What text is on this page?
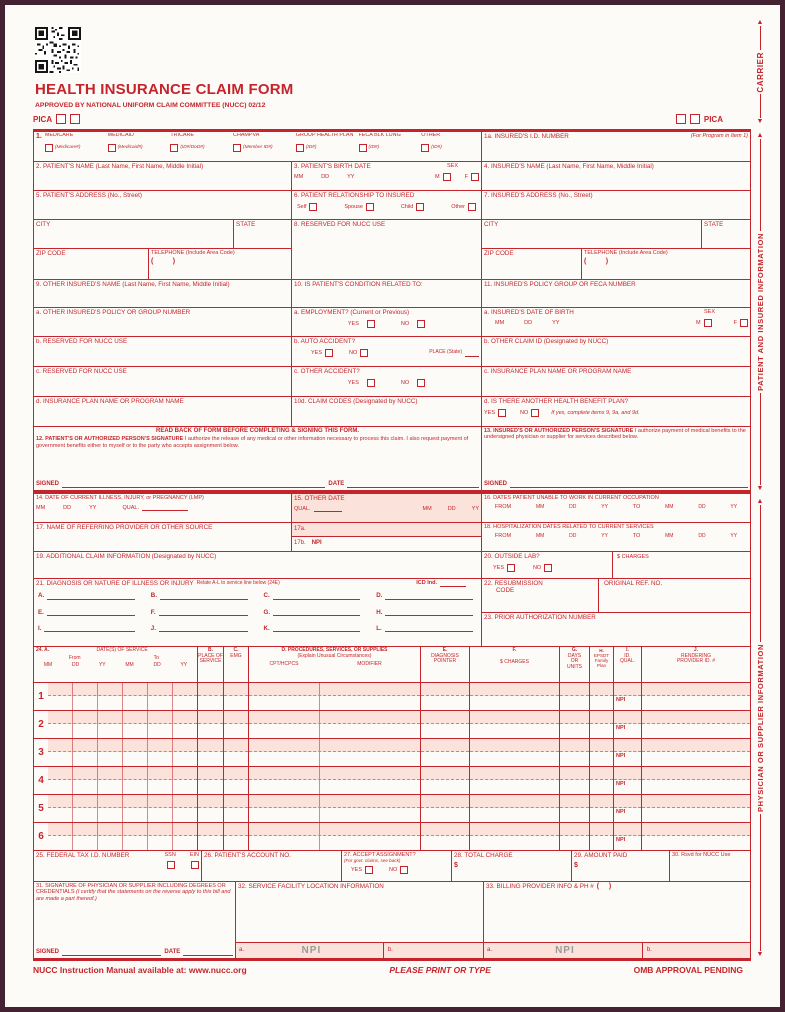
HEALTH INSURANCE CLAIM FORM
APPROVED BY NATIONAL UNIFORM CLAIM COMMITTEE (NUCC) 02/12
PICA	PICA
1. MEDICARE
(Medicare#)
MEDICAID
(Medicaid#)
TRICARE
(ID#/DoD#)
CHAMPVA
(Member ID#)
GROUP HEALTH PLAN
(ID#)
FECA BLK LUNG
(ID#)
OTHER
(ID#)
1a. INSURED'S I.D. NUMBER	(For Program in Item 1)
2. PATIENT'S NAME (Last Name, First Name, Middle Initial)	3. PATIENT'S BIRTH DATE	SEX
MM	DD	YY	M	F
4. INSURED'S NAME (Last Name, First Name, Middle Initial)
5. PATIENT'S ADDRESS (No., Street)	6. PATIENT RELATIONSHIP TO INSURED
Self	Spouse	Child	Other
7. INSURED'S ADDRESS (No., Street)
CITY	STATE	8. RESERVED FOR NUCC USE	CITY	STATE
ZIP CODE	TELEPHONE (Include Area Code)
(          )
ZIP CODE	TELEPHONE (Include Area Code)
(          )
9. OTHER INSURED'S NAME (Last Name, First Name, Middle Initial)	10. IS PATIENT'S CONDITION RELATED TO:	11. INSURED'S POLICY GROUP OR FECA NUMBER
a. OTHER INSURED'S POLICY OR GROUP NUMBER	a. EMPLOYMENT? (Current or Previous)
YES	NO
a. INSURED'S DATE OF BIRTH	SEX
MM	DD	YY	M	F
b. RESERVED FOR NUCC USE	b. AUTO ACCIDENT?
YES	NO	PLACE (State)
b. OTHER CLAIM ID (Designated by NUCC)
c. RESERVED FOR NUCC USE	c. OTHER ACCIDENT?
YES	NO
c. INSURANCE PLAN NAME OR PROGRAM NAME
d. INSURANCE PLAN NAME OR PROGRAM NAME	10d. CLAIM CODES (Designated by NUCC)	d. IS THERE ANOTHER HEALTH BENEFIT PLAN?
YES	NO	If yes, complete items 9, 9a, and 9d.
READ BACK OF FORM BEFORE COMPLETING & SIGNING THIS FORM.
12. PATIENT'S OR AUTHORIZED PERSON'S SIGNATURE I authorize the release of any medical or other information necessary to process this claim. I also request payment of government benefits either to myself or to the party who accepts assignment below.
SIGNED	DATE
13. INSURED'S OR AUTHORIZED PERSON'S SIGNATURE I authorize payment of medical benefits to the undersigned physician or supplier for services described below.
SIGNED
14. DATE OF CURRENT ILLNESS, INJURY, or PREGNANCY (LMP)
MM	DD	YY	QUAL.
15. OTHER DATE
QUAL.	MM	DD	YY
16. DATES PATIENT UNABLE TO WORK IN CURRENT OCCUPATION
FROM	MM	DD	YY	TO	MM	DD	YY
17. NAME OF REFERRING PROVIDER OR OTHER SOURCE	17a.
17b. NPI
18. HOSPITALIZATION DATES RELATED TO CURRENT SERVICES
FROM	MM	DD	YY	TO	MM	DD	YY
19. ADDITIONAL CLAIM INFORMATION (Designated by NUCC)	20. OUTSIDE LAB?
YES	NO
$ CHARGES
21. DIAGNOSIS OR NATURE OF ILLNESS OR INJURY Relate A-L to service line below (24E)	ICD Ind.
A.	B.	C.	D.
E.	F.	G.	H.
I.	J.	K.	L.
22. RESUBMISSION
CODE
ORIGINAL REF. NO.
23. PRIOR AUTHORIZATION NUMBER
24. A.	DATE(S) OF SERVICE
From	To
MM	DD	YY	MM	DD	YY
B.
PLACE OF
SERVICE
C.
EMG
D. PROCEDURES, SERVICES, OR SUPPLIES
(Explain Unusual Circumstances)
CPT/HCPCS	MODIFIER
E.
DIAGNOSIS
POINTER
F.
$ CHARGES
G.
DAYS
OR
UNITS
H.
EPSDT
Family
Plan
I.
ID.
QUAL.
J.
RENDERING
PROVIDER ID. #
1	NPI
2	NPI
3	NPI
4	NPI
5	NPI
6	NPI
25. FEDERAL TAX I.D. NUMBER	SSN	EIN 26. PATIENT'S ACCOUNT NO.	27. ACCEPT ASSIGNMENT?
(For govt. claims, see back)
YES	NO
28. TOTAL CHARGE
$
29. AMOUNT PAID
$
30. Rsvd for NUCC Use
31. SIGNATURE OF PHYSICIAN OR SUPPLIER INCLUDING DEGREES OR CREDENTIALS (I certify that the statements on the reverse apply to this bill and are made a part thereof.)
SIGNED	DATE
32. SERVICE FACILITY LOCATION INFORMATION
a.	NPI	b.
33. BILLING PROVIDER INFO & PH # (     )
a.	NPI	b.
▲
CARRIER
▼
▲
PATIENT AND INSURED INFORMATION
▼
▲
PHYSICIAN OR SUPPLIER INFORMATION
▼
NUCC Instruction Manual available at: www.nucc.org	PLEASE PRINT OR TYPE	OMB APPROVAL PENDING
